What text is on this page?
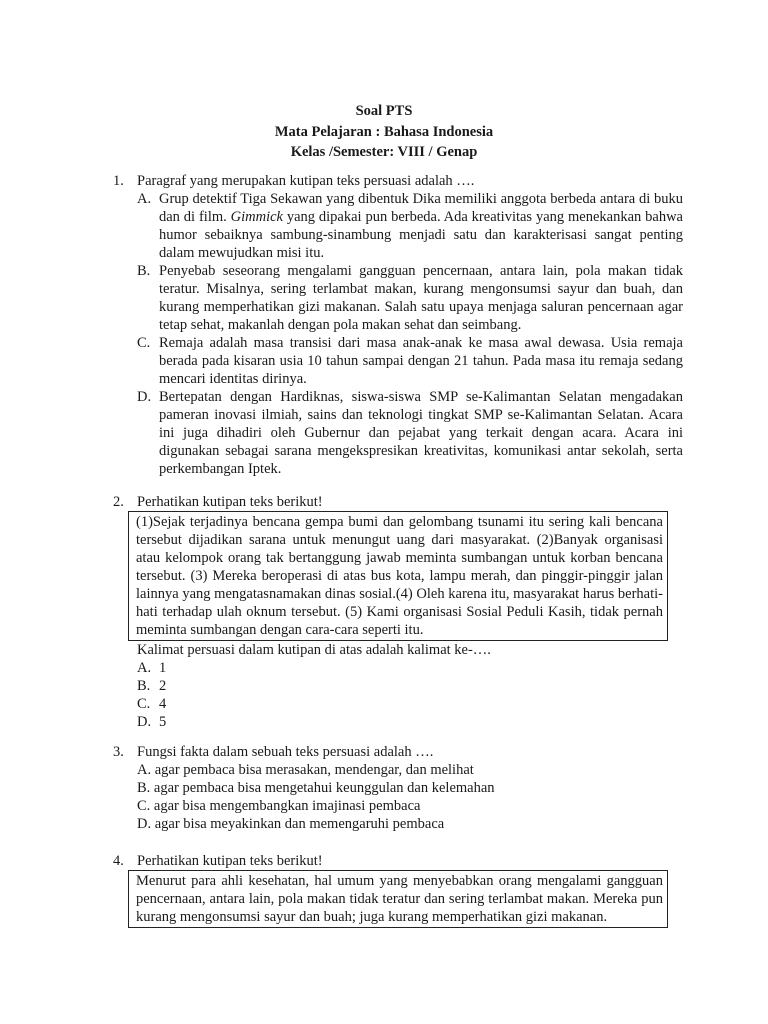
Soal PTS
Mata Pelajaran : Bahasa Indonesia
Kelas /Semester: VIII / Genap
1. Paragraf yang merupakan kutipan teks persuasi adalah ….
A. Grup detektif Tiga Sekawan yang dibentuk Dika memiliki anggota berbeda antara di buku dan di film. Gimmick yang dipakai pun berbeda. Ada kreativitas yang menekankan bahwa humor sebaiknya sambung-sinambung menjadi satu dan karakterisasi sangat penting dalam mewujudkan misi itu.
B. Penyebab seseorang mengalami gangguan pencernaan, antara lain, pola makan tidak teratur. Misalnya, sering terlambat makan, kurang mengonsumsi sayur dan buah, dan kurang memperhatikan gizi makanan. Salah satu upaya menjaga saluran pencernaan agar tetap sehat, makanlah dengan pola makan sehat dan seimbang.
C. Remaja adalah masa transisi dari masa anak-anak ke masa awal dewasa. Usia remaja berada pada kisaran usia 10 tahun sampai dengan 21 tahun. Pada masa itu remaja sedang mencari identitas dirinya.
D. Bertepatan dengan Hardiknas, siswa-siswa SMP se-Kalimantan Selatan mengadakan pameran inovasi ilmiah, sains dan teknologi tingkat SMP se-Kalimantan Selatan. Acara ini juga dihadiri oleh Gubernur dan pejabat yang terkait dengan acara. Acara ini digunakan sebagai sarana mengekspresikan kreativitas, komunikasi antar sekolah, serta perkembangan Iptek.
2. Perhatikan kutipan teks berikut!
(1)Sejak terjadinya bencana gempa bumi dan gelombang tsunami itu sering kali bencana tersebut dijadikan sarana untuk menungut uang dari masyarakat. (2)Banyak organisasi atau kelompok orang tak bertanggung jawab meminta sumbangan untuk korban bencana tersebut. (3) Mereka beroperasi di atas bus kota, lampu merah, dan pinggir-pinggir jalan lainnya yang mengatasnamakan dinas sosial.(4) Oleh karena itu, masyarakat harus berhati-hati terhadap ulah oknum tersebut. (5) Kami organisasi Sosial Peduli Kasih, tidak pernah meminta sumbangan dengan cara-cara seperti itu.
Kalimat persuasi dalam kutipan di atas adalah kalimat ke-….
A. 1
B. 2
C. 4
D. 5
3. Fungsi fakta dalam sebuah teks persuasi adalah ….
A. agar pembaca bisa merasakan, mendengar, dan melihat
B. agar pembaca bisa mengetahui keunggulan dan kelemahan
C. agar bisa mengembangkan imajinasi pembaca
D. agar bisa meyakinkan dan memengaruhi pembaca
4. Perhatikan kutipan teks berikut!
Menurut para ahli kesehatan, hal umum yang menyebabkan orang mengalami gangguan pencernaan, antara lain, pola makan tidak teratur dan sering terlambat makan. Mereka pun kurang mengonsumsi sayur dan buah; juga kurang memperhatikan gizi makanan.
